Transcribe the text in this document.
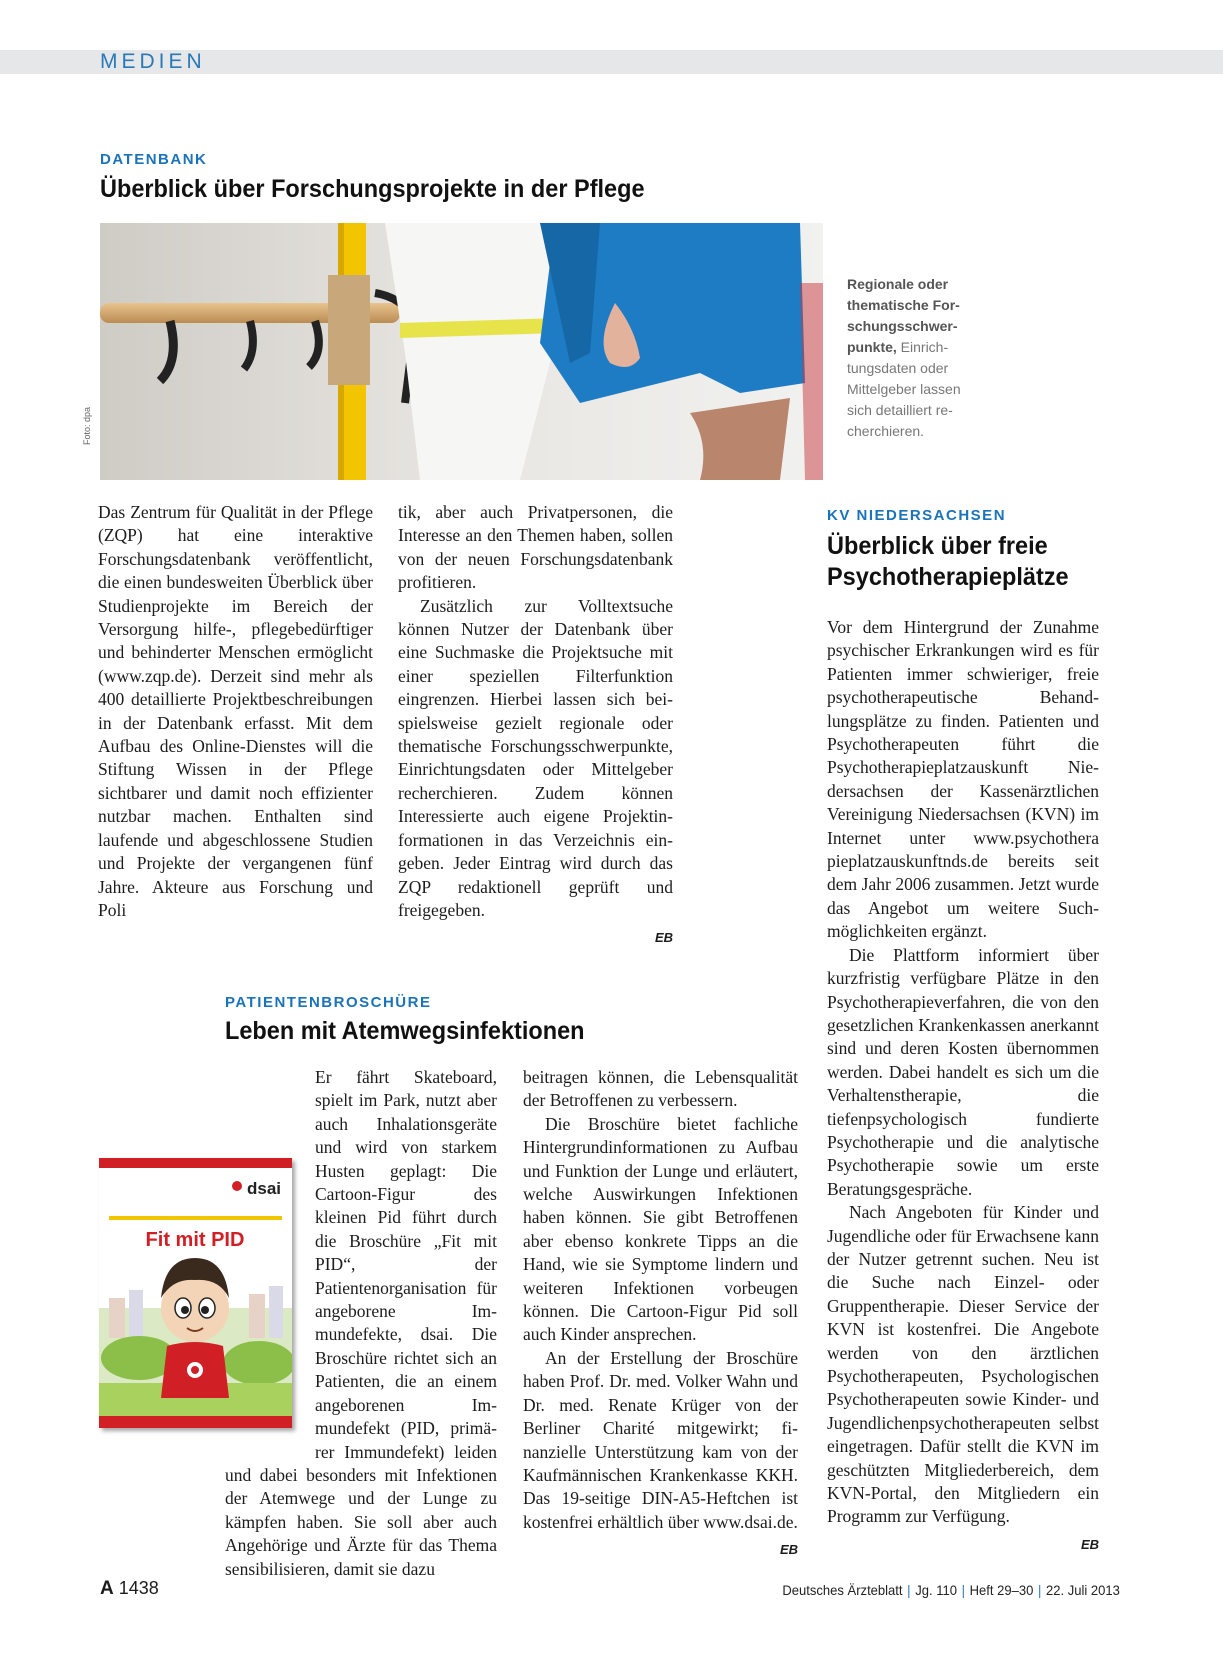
MEDIEN
DATENBANK
Überblick über Forschungsprojekte in der Pflege
Foto: dpa
Regionale oder thematische Forschungsschwerpunkte, Einrichtungsdaten oder Mittelgeber lassen sich detailliert recherchieren.

Das Zentrum für Qualität in der Pflege (ZQP) hat eine interaktive Forschungsdatenbank veröffentlicht, die einen bundesweiten Überblick über Studienprojekte im Bereich der Versorgung hilfe-, pflegebedürftiger und behinderter Menschen ermöglicht (www.zqp.de). Derzeit sind mehr als 400 detaillierte Projektbeschreibungen in der Datenbank erfasst. Mit dem Aufbau des Online-Dienstes will die Stiftung Wissen in der Pflege sichtbarer und damit noch effizienter nutzbar machen. Enthalten sind laufende und abgeschlossene Studien und Projekte der vergangenen fünf Jahre. Akteure aus Forschung und Poli

tik, aber auch Privatpersonen, die Interesse an den Themen haben, sollen von der neuen Forschungsdatenbank profitieren.

Zusätzlich zur Volltextsuche können Nutzer der Datenbank über eine Suchmaske die Projektsuche mit einer speziellen Filterfunktion eingrenzen. Hierbei lassen sich beispielsweise gezielt regionale oder thematische Forschungsschwerpunkte, Einrichtungsdaten oder Mittelgeber recherchieren. Zudem können Interessierte auch eigene Projektinformationen in das Verzeichnis eingeben. Jeder Eintrag wird durch das ZQP redaktionell geprüft und freigegeben.

EB

PATIENTENBROSCHÜRE
Leben mit Atemwegsinfektionen

Er fährt Skateboard, spielt im Park, nutzt aber auch Inhalationsgeräte und wird von starkem Husten geplagt: Die Cartoon-Figur des kleinen Pid führt durch die Broschüre „Fit mit PID“, der Patientenorganisation für angeborene Immundefekte, dsai. Die Broschüre richtet sich an Patienten, die an einem angeborenen Immundefekt (PID, primärer Immundefekt) leiden und dabei besonders mit Infektionen der Atemwege und der Lunge zu kämpfen haben. Sie soll aber auch Angehörige und Ärzte für das Thema sensibilisieren, damit sie dazu

beitragen können, die Lebensqualität der Betroffenen zu verbessern.

Die Broschüre bietet fachliche Hintergrundinformationen zu Aufbau und Funktion der Lunge und erläutert, welche Auswirkungen Infektionen haben können. Sie gibt Betroffenen aber ebenso konkrete Tipps an die Hand, wie sie Symptome lindern und weiteren Infektionen vorbeugen können. Die Cartoon-Figur Pid soll auch Kinder ansprechen.

An der Erstellung der Broschüre haben Prof. Dr. med. Volker Wahn und Dr. med. Renate Krüger von der Berliner Charité mitgewirkt; finanzielle Unterstützung kam von der Kaufmännischen Krankenkasse KKH. Das 19-seitige DIN-A5-Heftchen ist kostenfrei erhältlich über www.dsai.de.

EB

dsai
Fit mit PID
KV NIEDERSACHSEN
Überblick über freie Psychotherapieplätze

Vor dem Hintergrund der Zunahme psychischer Erkrankungen wird es für Patienten immer schwieriger, freie psychotherapeutische Behandlungsplätze zu finden. Patienten und Psychotherapeuten führt die Psychotherapieplatzauskunft Niedersachsen der Kassenärztlichen Vereinigung Niedersachsen (KVN) im Internet unter www.psychothera pieplatzauskunftnds.de bereits seit dem Jahr 2006 zusammen. Jetzt wurde das Angebot um weitere Suchmöglichkeiten ergänzt.

Die Plattform informiert über kurzfristig verfügbare Plätze in den Psychotherapieverfahren, die von den gesetzlichen Krankenkassen anerkannt sind und deren Kosten übernommen werden. Dabei handelt es sich um die Verhaltenstherapie, die tiefenpsychologisch fundierte Psychotherapie und die analytische Psychotherapie sowie um erste Beratungsgespräche.

Nach Angeboten für Kinder und Jugendliche oder für Erwachsene kann der Nutzer getrennt suchen. Neu ist die Suche nach Einzel- oder Gruppentherapie. Dieser Service der KVN ist kostenfrei. Die Angebote werden von den ärztlichen Psychotherapeuten, Psychologischen Psychotherapeuten sowie Kinder- und Jugendlichenpsychotherapeuten selbst eingetragen. Dafür stellt die KVN im geschützten Mitgliederbereich, dem KVN-Portal, den Mitgliedern ein Programm zur Verfügung.

EB

A 1438	Deutsches Ärzteblatt | Jg. 110 | Heft 29–30 | 22. Juli 2013
